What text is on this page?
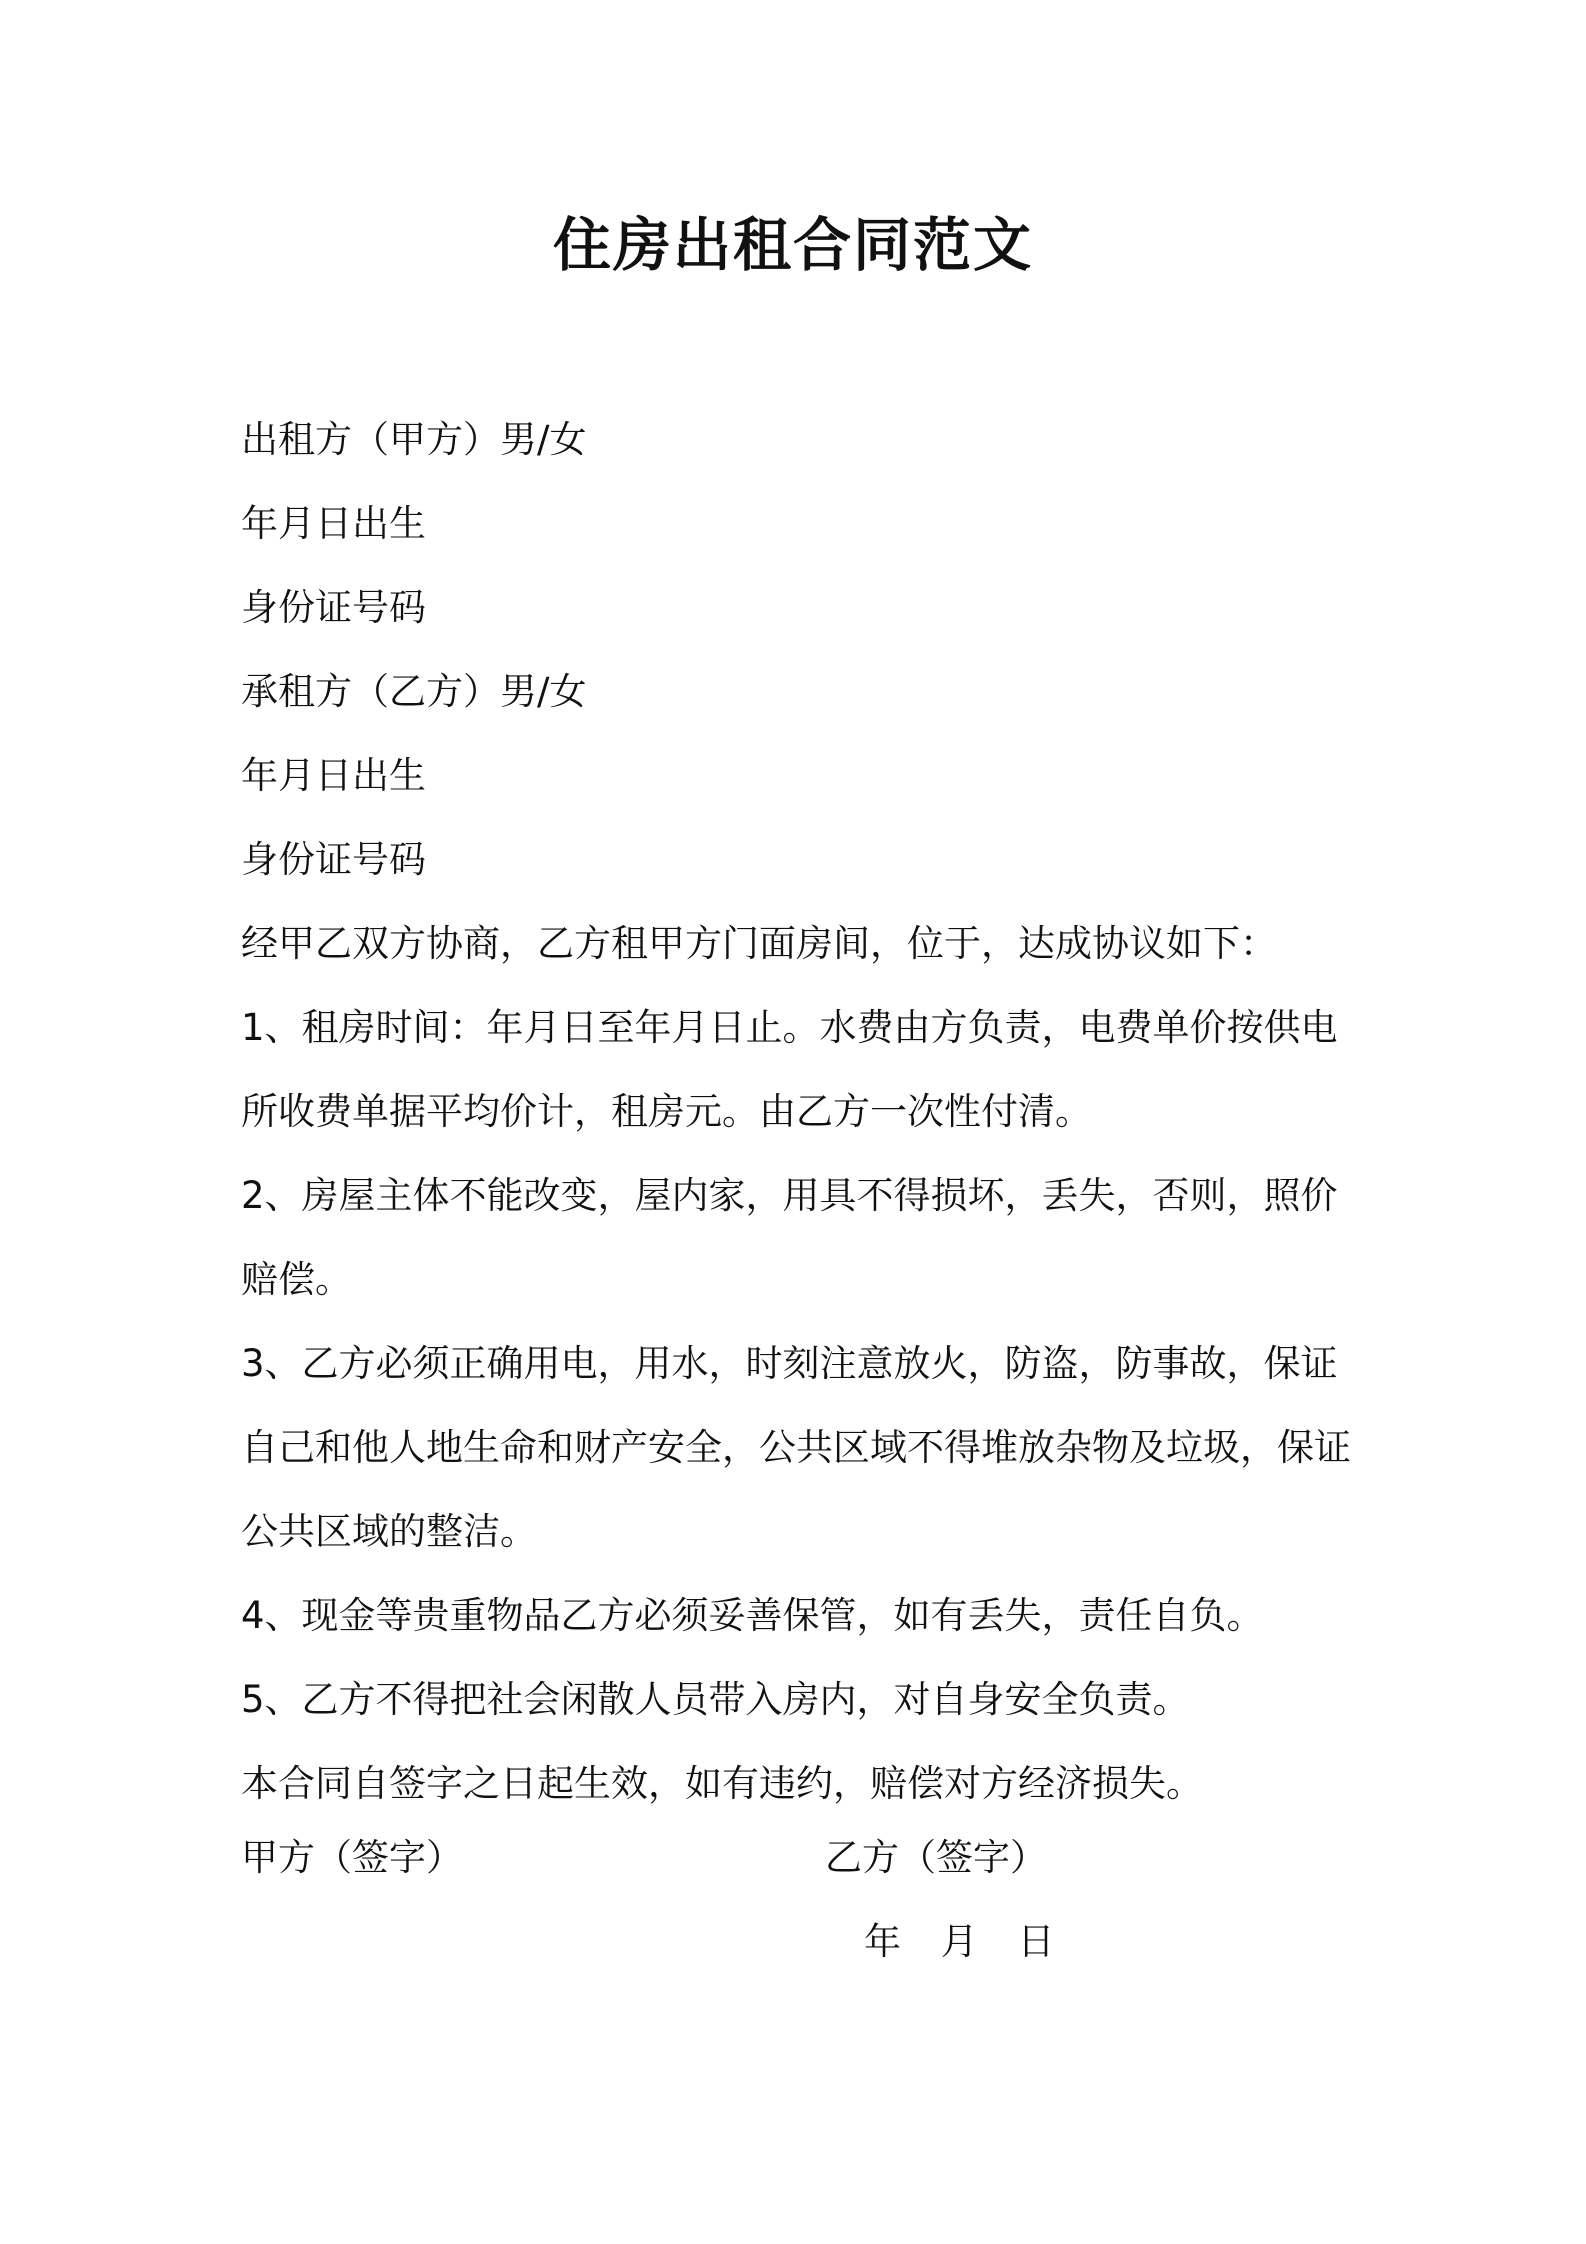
住房出租合同范文

出租方（甲方）男/女

年月日出生

身份证号码

承租方（乙方）男/女

年月日出生

身份证号码

经甲乙双方协商，乙方租甲方门面房间，位于，达成协议如下：

1、租房时间：年月日至年月日止。水费由方负责，电费单价按供电所收费单据平均价计，租房元。由乙方一次性付清。

2、房屋主体不能改变，屋内家，用具不得损坏，丢失，否则，照价赔偿。

3、乙方必须正确用电，用水，时刻注意放火，防盗，防事故，保证自己和他人地生命和财产安全，公共区域不得堆放杂物及垃圾，保证公共区域的整洁。

4、现金等贵重物品乙方必须妥善保管，如有丢失，责任自负。

5、乙方不得把社会闲散人员带入房内，对自身安全负责。

本合同自签字之日起生效，如有违约，赔偿对方经济损失。

甲方（签字）	乙方（签字）
年 月 日
